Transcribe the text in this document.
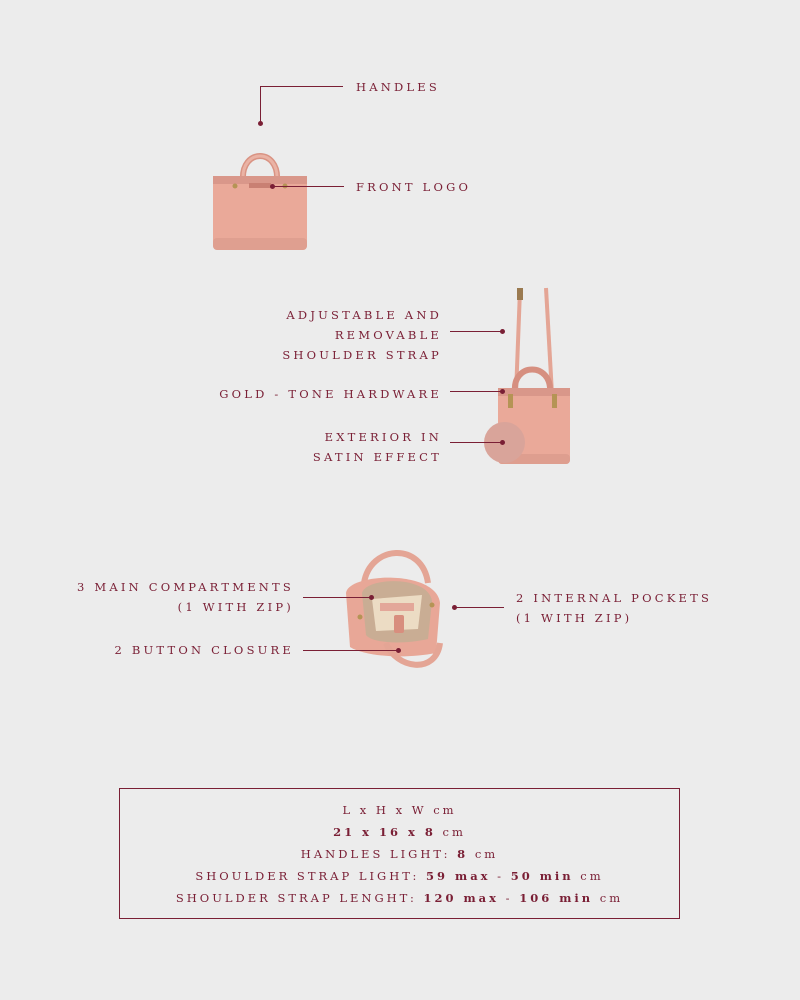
HANDLES
FRONT LOGO
ADJUSTABLE AND
REMOVABLE
SHOULDER STRAP
GOLD - TONE HARDWARE
EXTERIOR IN
SATIN EFFECT
3 MAIN COMPARTMENTS
(1 WITH ZIP)
2 BUTTON CLOSURE
2 INTERNAL POCKETS
(1 WITH ZIP)
L x H x W cm
21 x 16 x 8 cm
HANDLES LIGHT: 8 cm
SHOULDER STRAP LIGHT: 59 max - 50 min cm
SHOULDER STRAP LENGHT: 120 max - 106 min cm
